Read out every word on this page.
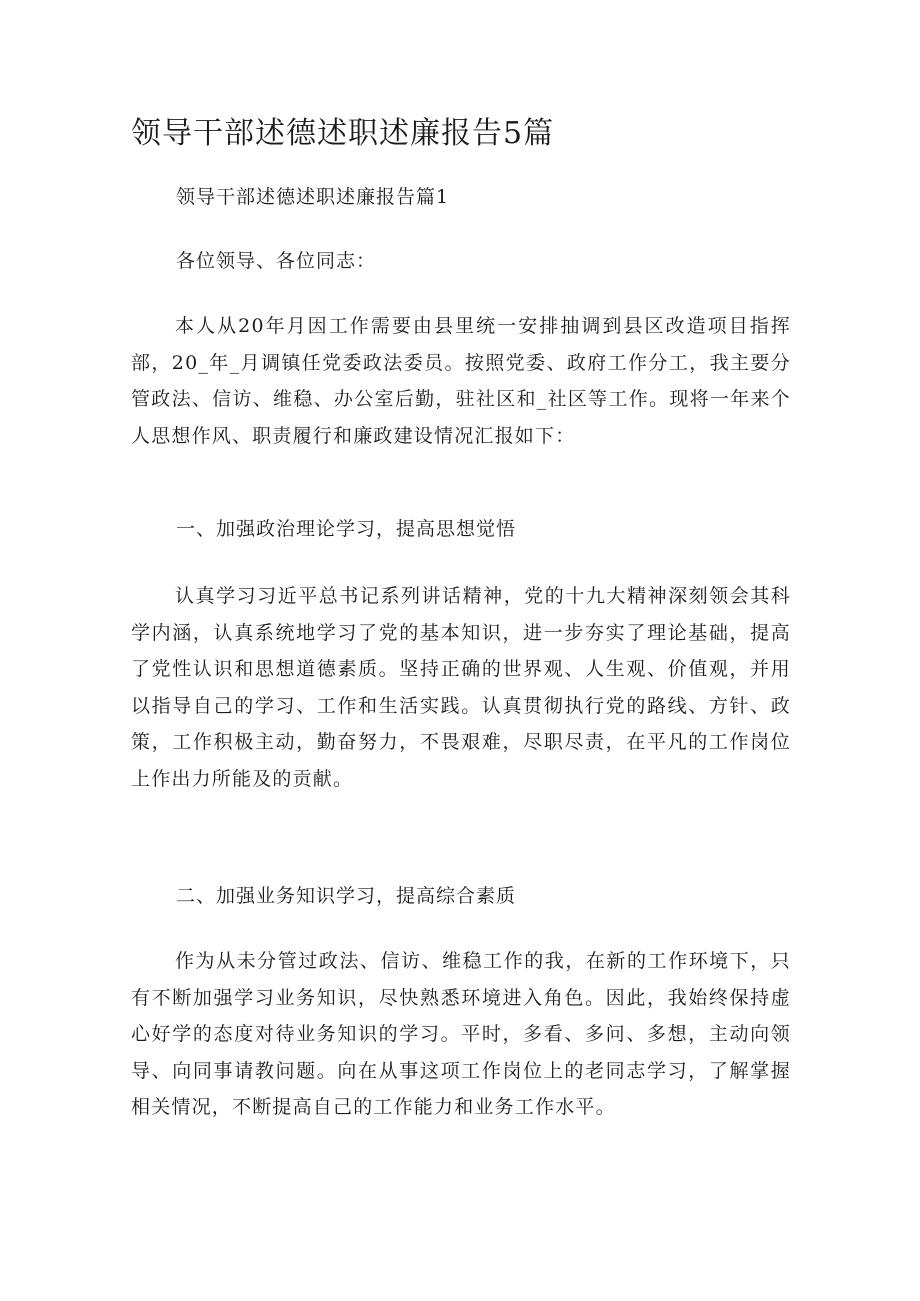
领导干部述德述职述廉报告5篇

领导干部述德述职述廉报告篇1

各位领导、各位同志：

本人从20年月因工作需要由县里统一安排抽调到县区改造项目指挥部，20_年_月调镇任党委政法委员。按照党委、政府工作分工，我主要分管政法、信访、维稳、办公室后勤，驻社区和_社区等工作。现将一年来个人思想作风、职责履行和廉政建设情况汇报如下：

一、加强政治理论学习，提高思想觉悟

认真学习习近平总书记系列讲话精神，党的十九大精神深刻领会其科学内涵，认真系统地学习了党的基本知识，进一步夯实了理论基础，提高了党性认识和思想道德素质。坚持正确的世界观、人生观、价值观，并用以指导自己的学习、工作和生活实践。认真贯彻执行党的路线、方针、政策，工作积极主动，勤奋努力，不畏艰难，尽职尽责，在平凡的工作岗位上作出力所能及的贡献。

二、加强业务知识学习，提高综合素质

作为从未分管过政法、信访、维稳工作的我，在新的工作环境下，只有不断加强学习业务知识，尽快熟悉环境进入角色。因此，我始终保持虚心好学的态度对待业务知识的学习。平时，多看、多问、多想，主动向领导、向同事请教问题。向在从事这项工作岗位上的老同志学习，了解掌握相关情况，不断提高自己的工作能力和业务工作水平。
